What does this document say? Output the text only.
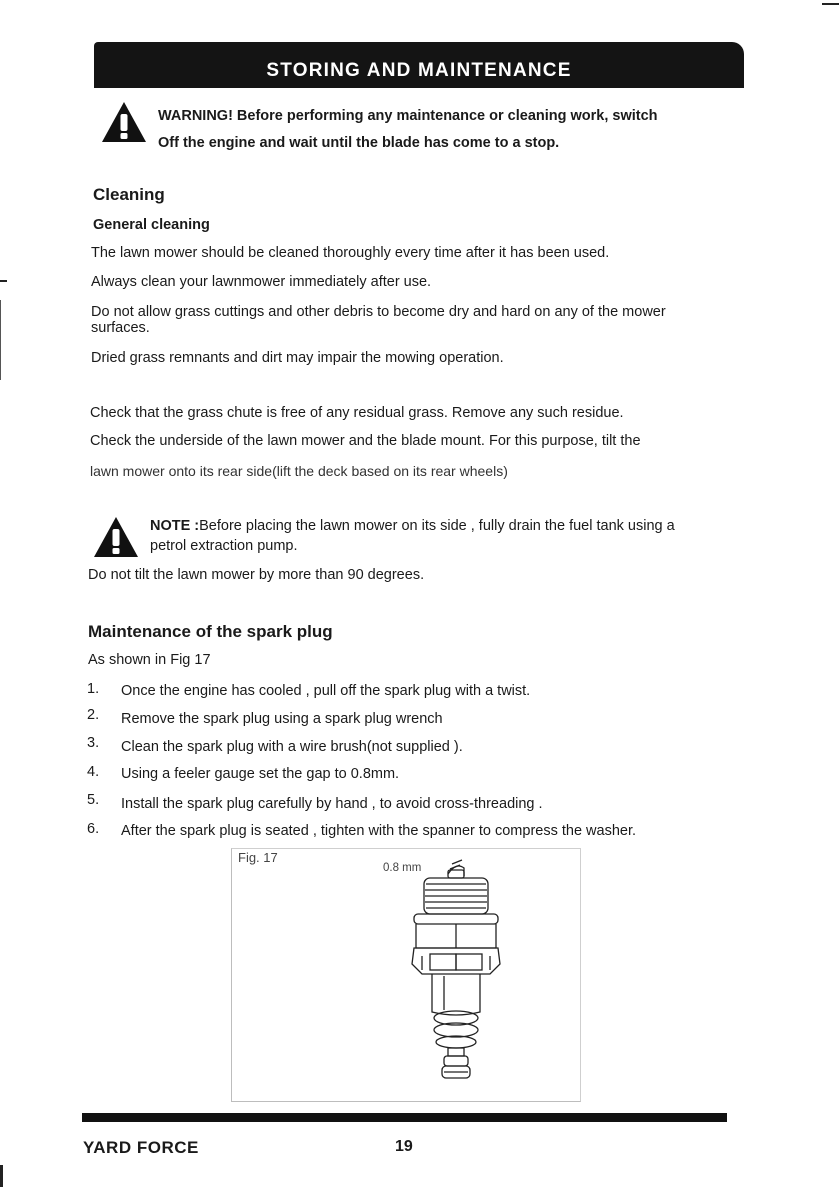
STORING AND MAINTENANCE
WARNING! Before performing any maintenance or cleaning work, switch
Off the engine and wait until the blade has come to a stop.
Cleaning
General cleaning
The lawn mower should be cleaned thoroughly every time after it has been used.
Always clean your lawnmower immediately after use.
Do not allow grass cuttings and other debris to become dry and hard on any of the mower
surfaces.
Dried grass remnants and dirt may impair the mowing operation.
Check that the grass chute is free of any residual grass. Remove any such residue.
Check the underside of the lawn mower and the blade mount. For this purpose, tilt the
lawn mower onto its rear side(lift the deck based on its rear wheels)
NOTE :Before placing the lawn mower on its side , fully drain the fuel tank using a
petrol extraction pump.
Do not tilt the lawn mower by more than 90 degrees.
Maintenance of the spark plug
As shown in Fig 17
1. Once the engine has cooled , pull off the spark plug with a twist.
2. Remove the spark plug using a spark plug wrench
3. Clean the spark plug with a wire brush(not supplied ).
4. Using a feeler gauge set the gap to 0.8mm.
5. Install the spark plug carefully by hand , to avoid cross-threading .
6. After the spark plug is seated , tighten with the spanner to compress the washer.
Fig. 17
0.8 mm
YARD FORCE	19
